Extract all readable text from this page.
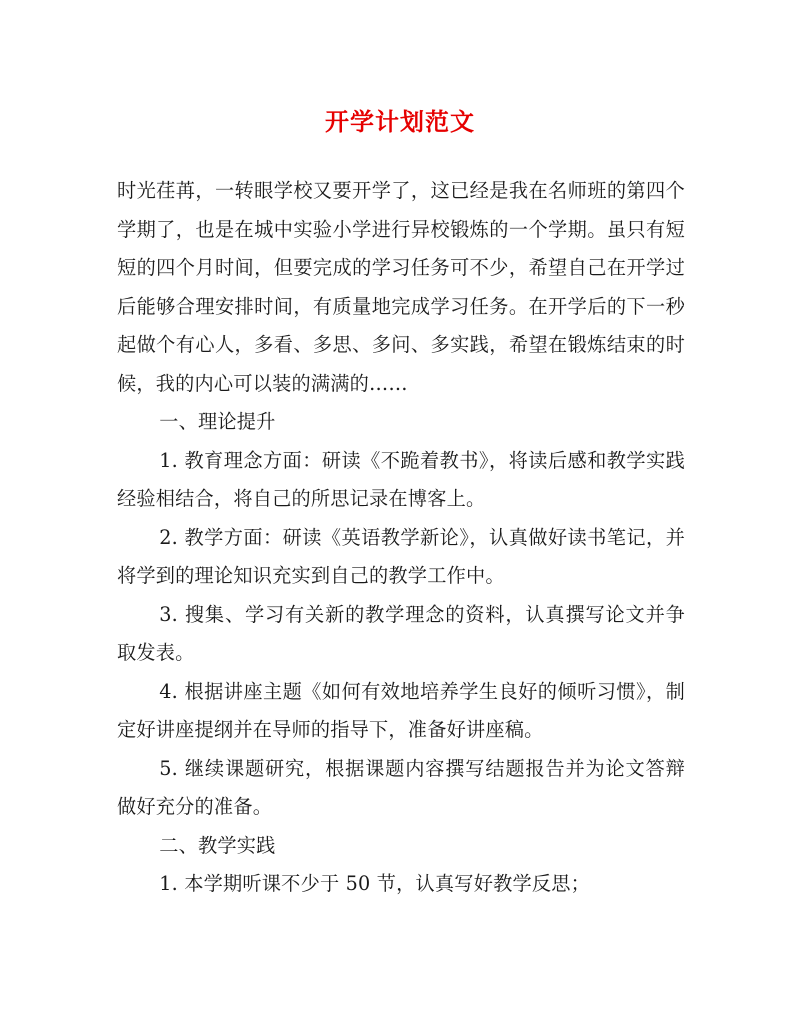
开学计划范文

时光荏苒，一转眼学校又要开学了，这已经是我在名师班的第四个学期了，也是在城中实验小学进行异校锻炼的一个学期。虽只有短短的四个月时间，但要完成的学习任务可不少，希望自己在开学过后能够合理安排时间，有质量地完成学习任务。在开学后的下一秒起做个有心人，多看、多思、多问、多实践，希望在锻炼结束的时候，我的内心可以装的满满的……

一、理论提升

1. 教育理念方面：研读《不跪着教书》，将读后感和教学实践经验相结合，将自己的所思记录在博客上。

2. 教学方面：研读《英语教学新论》，认真做好读书笔记，并将学到的理论知识充实到自己的教学工作中。

3. 搜集、学习有关新的教学理念的资料，认真撰写论文并争取发表。

4. 根据讲座主题《如何有效地培养学生良好的倾听习惯》，制定好讲座提纲并在导师的指导下，准备好讲座稿。

5. 继续课题研究，根据课题内容撰写结题报告并为论文答辩做好充分的准备。

二、教学实践

1. 本学期听课不少于 50 节，认真写好教学反思；
